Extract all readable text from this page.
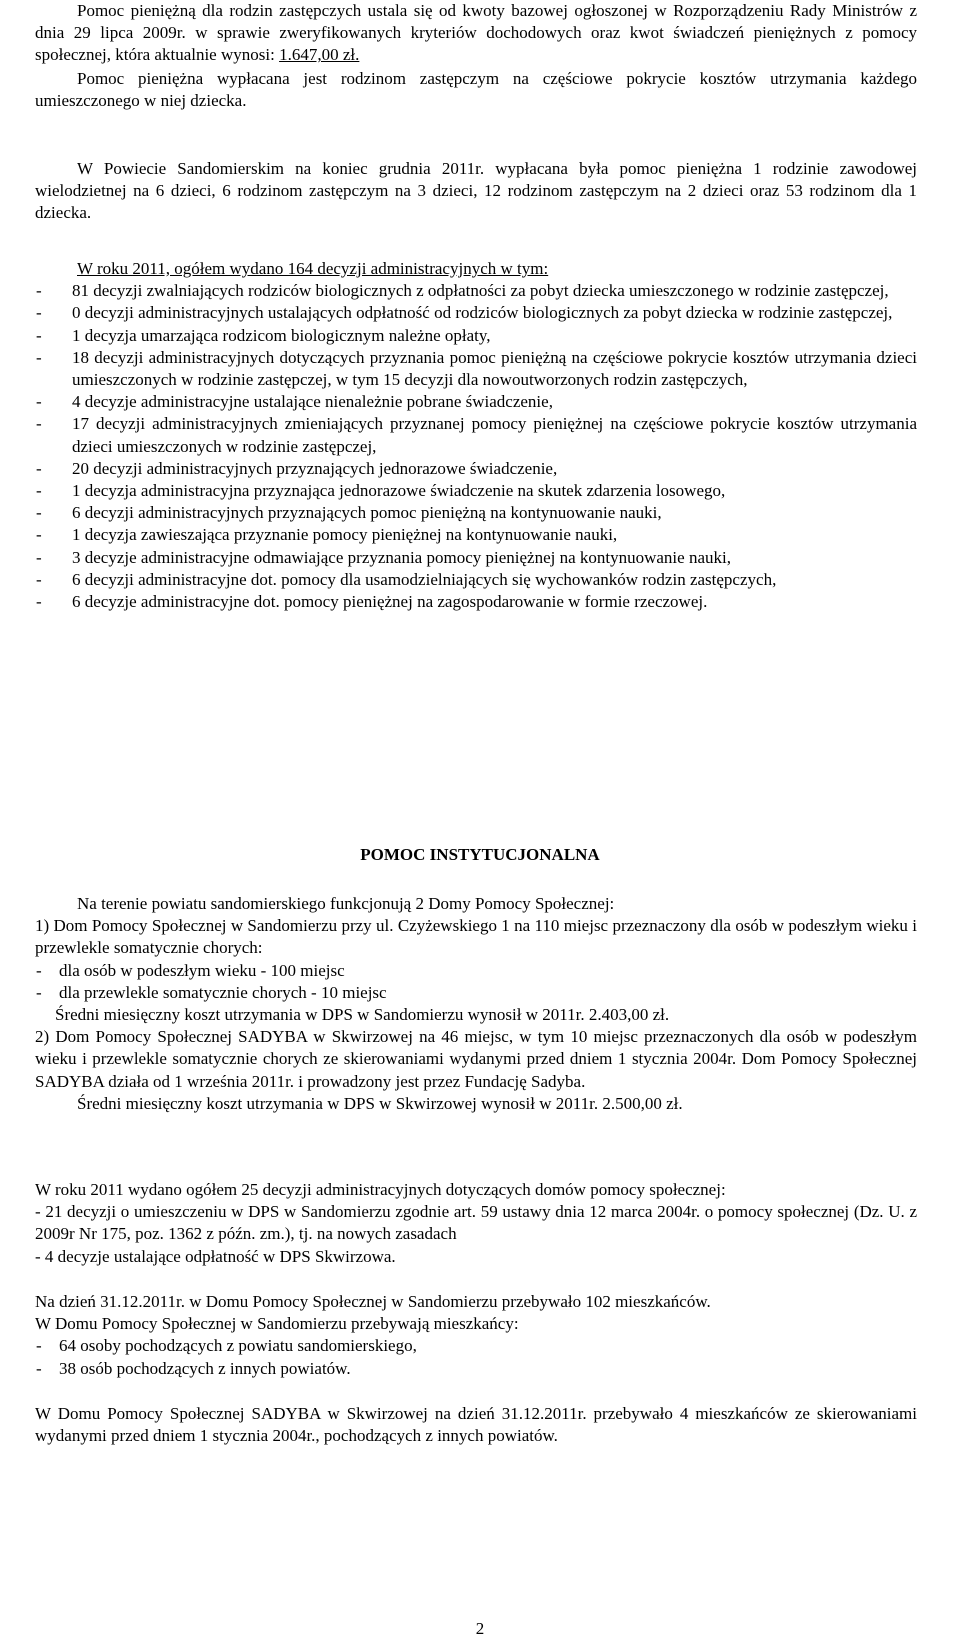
Pomoc pieniężną dla rodzin zastępczych ustala się od kwoty bazowej ogłoszonej w Rozporządzeniu Rady Ministrów z dnia 29 lipca 2009r. w sprawie zweryfikowanych kryteriów dochodowych oraz kwot świadczeń pieniężnych z pomocy społecznej, która aktualnie wynosi: 1.647,00 zł.

Pomoc pieniężna wypłacana jest rodzinom zastępczym na częściowe pokrycie kosztów utrzymania każdego umieszczonego w niej dziecka.

W Powiecie Sandomierskim na koniec grudnia 2011r. wypłacana była pomoc pieniężna 1 rodzinie zawodowej wielodzietnej na 6 dzieci, 6 rodzinom zastępczym na 3 dzieci, 12 rodzinom zastępczym na 2 dzieci oraz 53 rodzinom dla 1 dziecka.

W roku 2011, ogółem wydano 164 decyzji administracyjnych w tym:

- 81 decyzji zwalniających rodziców biologicznych z odpłatności za pobyt dziecka umieszczonego w rodzinie zastępczej,
- 0 decyzji administracyjnych ustalających odpłatność od rodziców biologicznych za pobyt dziecka w rodzinie zastępczej,
- 1 decyzja umarzająca rodzicom biologicznym należne opłaty,
- 18 decyzji administracyjnych dotyczących przyznania pomoc pieniężną na częściowe pokrycie kosztów utrzymania dzieci umieszczonych w rodzinie zastępczej, w tym 15 decyzji dla nowoutworzonych rodzin zastępczych,
- 4 decyzje administracyjne ustalające nienależnie pobrane świadczenie,
- 17 decyzji administracyjnych zmieniających przyznanej pomocy pieniężnej na częściowe pokrycie kosztów utrzymania dzieci umieszczonych w rodzinie zastępczej,
- 20 decyzji administracyjnych przyznających jednorazowe świadczenie,
- 1 decyzja administracyjna przyznająca jednorazowe świadczenie na skutek zdarzenia losowego,
- 6 decyzji administracyjnych przyznających pomoc pieniężną na kontynuowanie nauki,
- 1 decyzja zawieszająca przyznanie pomocy pieniężnej na kontynuowanie nauki,
- 3 decyzje administracyjne odmawiające przyznania pomocy pieniężnej na kontynuowanie nauki,
- 6 decyzji administracyjne dot. pomocy dla usamodzielniających się wychowanków rodzin zastępczych,
- 6 decyzje administracyjne dot. pomocy pieniężnej na zagospodarowanie w formie rzeczowej.
POMOC INSTYTUCJONALNA

Na terenie powiatu sandomierskiego funkcjonują 2 Domy Pomocy Społecznej:

1) Dom Pomocy Społecznej w Sandomierzu przy ul. Czyżewskiego 1 na 110 miejsc przeznaczony dla osób w podeszłym wieku i przewlekle somatycznie chorych:

- dla osób w podeszłym wieku - 100 miejsc
- dla przewlekle somatycznie chorych - 10 miejsc

Średni miesięczny koszt utrzymania w DPS w Sandomierzu wynosił w 2011r. 2.403,00 zł.

2) Dom Pomocy Społecznej SADYBA w Skwirzowej na 46 miejsc, w tym 10 miejsc przeznaczonych dla osób w podeszłym wieku i przewlekle somatycznie chorych ze skierowaniami wydanymi przed dniem 1 stycznia 2004r. Dom Pomocy Społecznej SADYBA działa od 1 września 2011r. i prowadzony jest przez Fundację Sadyba.

Średni miesięczny koszt utrzymania w DPS w Skwirzowej wynosił w 2011r. 2.500,00 zł.

W roku 2011 wydano ogółem 25 decyzji administracyjnych dotyczących domów pomocy społecznej:

- 21 decyzji o umieszczeniu w DPS w Sandomierzu zgodnie art. 59 ustawy dnia 12 marca 2004r. o pomocy społecznej (Dz. U. z 2009r Nr 175, poz. 1362 z późn. zm.), tj. na nowych zasadach

- 4 decyzje ustalające odpłatność w DPS Skwirzowa.

Na dzień 31.12.2011r. w Domu Pomocy Społecznej w Sandomierzu przebywało 102 mieszkańców.

W Domu Pomocy Społecznej w Sandomierzu przebywają mieszkańcy:

- 64 osoby pochodzących z powiatu sandomierskiego,
- 38 osób pochodzących z innych powiatów.

W Domu Pomocy Społecznej SADYBA w Skwirzowej na dzień 31.12.2011r. przebywało 4 mieszkańców ze skierowaniami wydanymi przed dniem 1 stycznia 2004r., pochodzących z innych powiatów.

2
